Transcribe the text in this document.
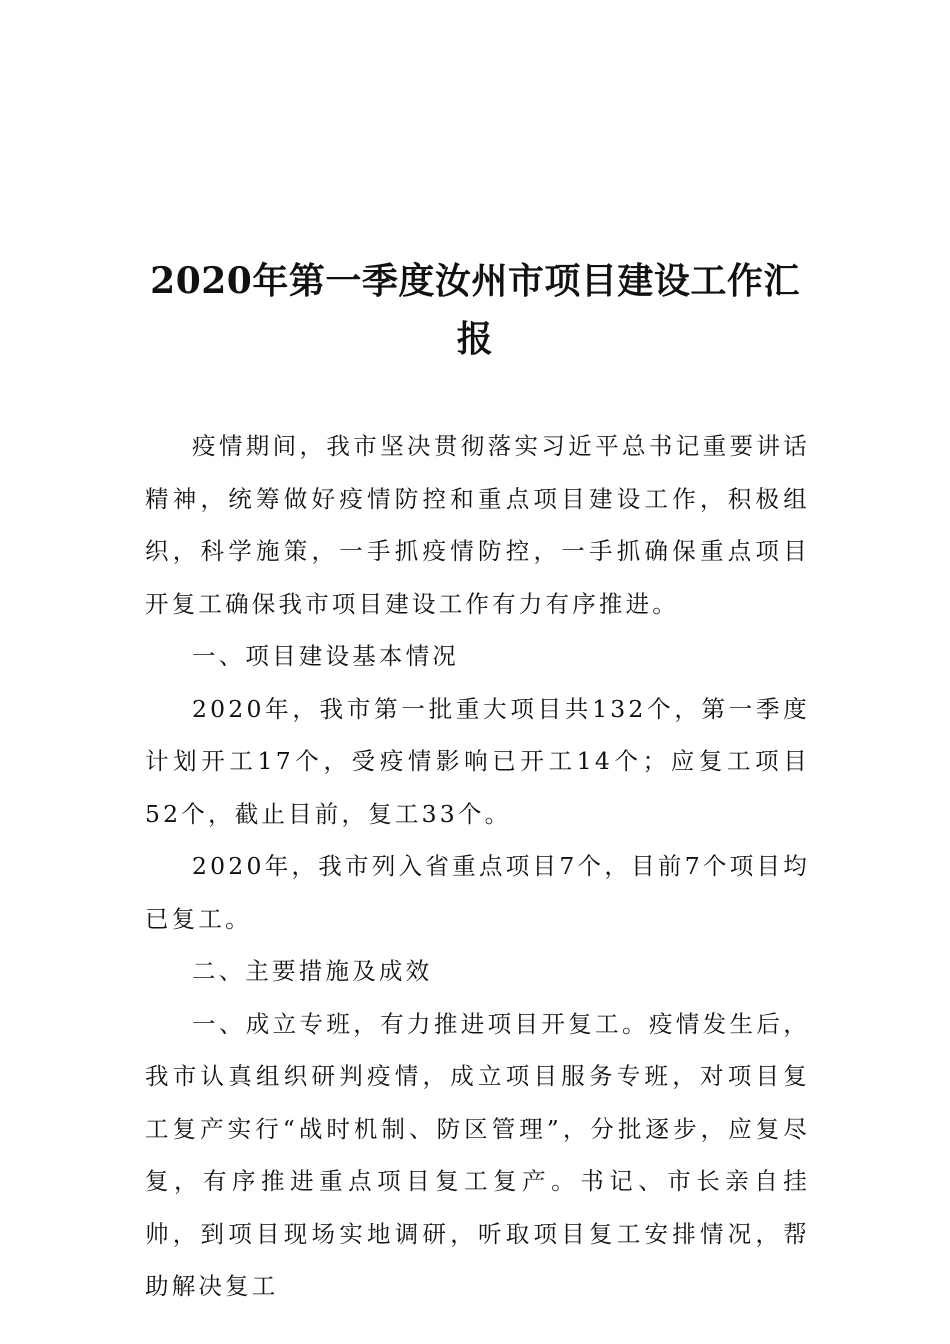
2020年第一季度汝州市项目建设工作汇
报

疫情期间，我市坚决贯彻落实习近平总书记重要讲话精神，统筹做好疫情防控和重点项目建设工作，积极组织，科学施策，一手抓疫情防控，一手抓确保重点项目开复工确保我市项目建设工作有力有序推进。

一、项目建设基本情况

2020年，我市第一批重大项目共132个，第一季度计划开工17个，受疫情影响已开工14个；应复工项目52个，截止目前，复工33个。

2020年，我市列入省重点项目7个，目前7个项目均已复工。

二、主要措施及成效

一、成立专班，有力推进项目开复工。疫情发生后，我市认真组织研判疫情，成立项目服务专班，对项目复工复产实行“战时机制、防区管理”，分批逐步，应复尽复，有序推进重点项目复工复产。书记、市长亲自挂帅，到项目现场实地调研，听取项目复工安排情况，帮助解决复工
